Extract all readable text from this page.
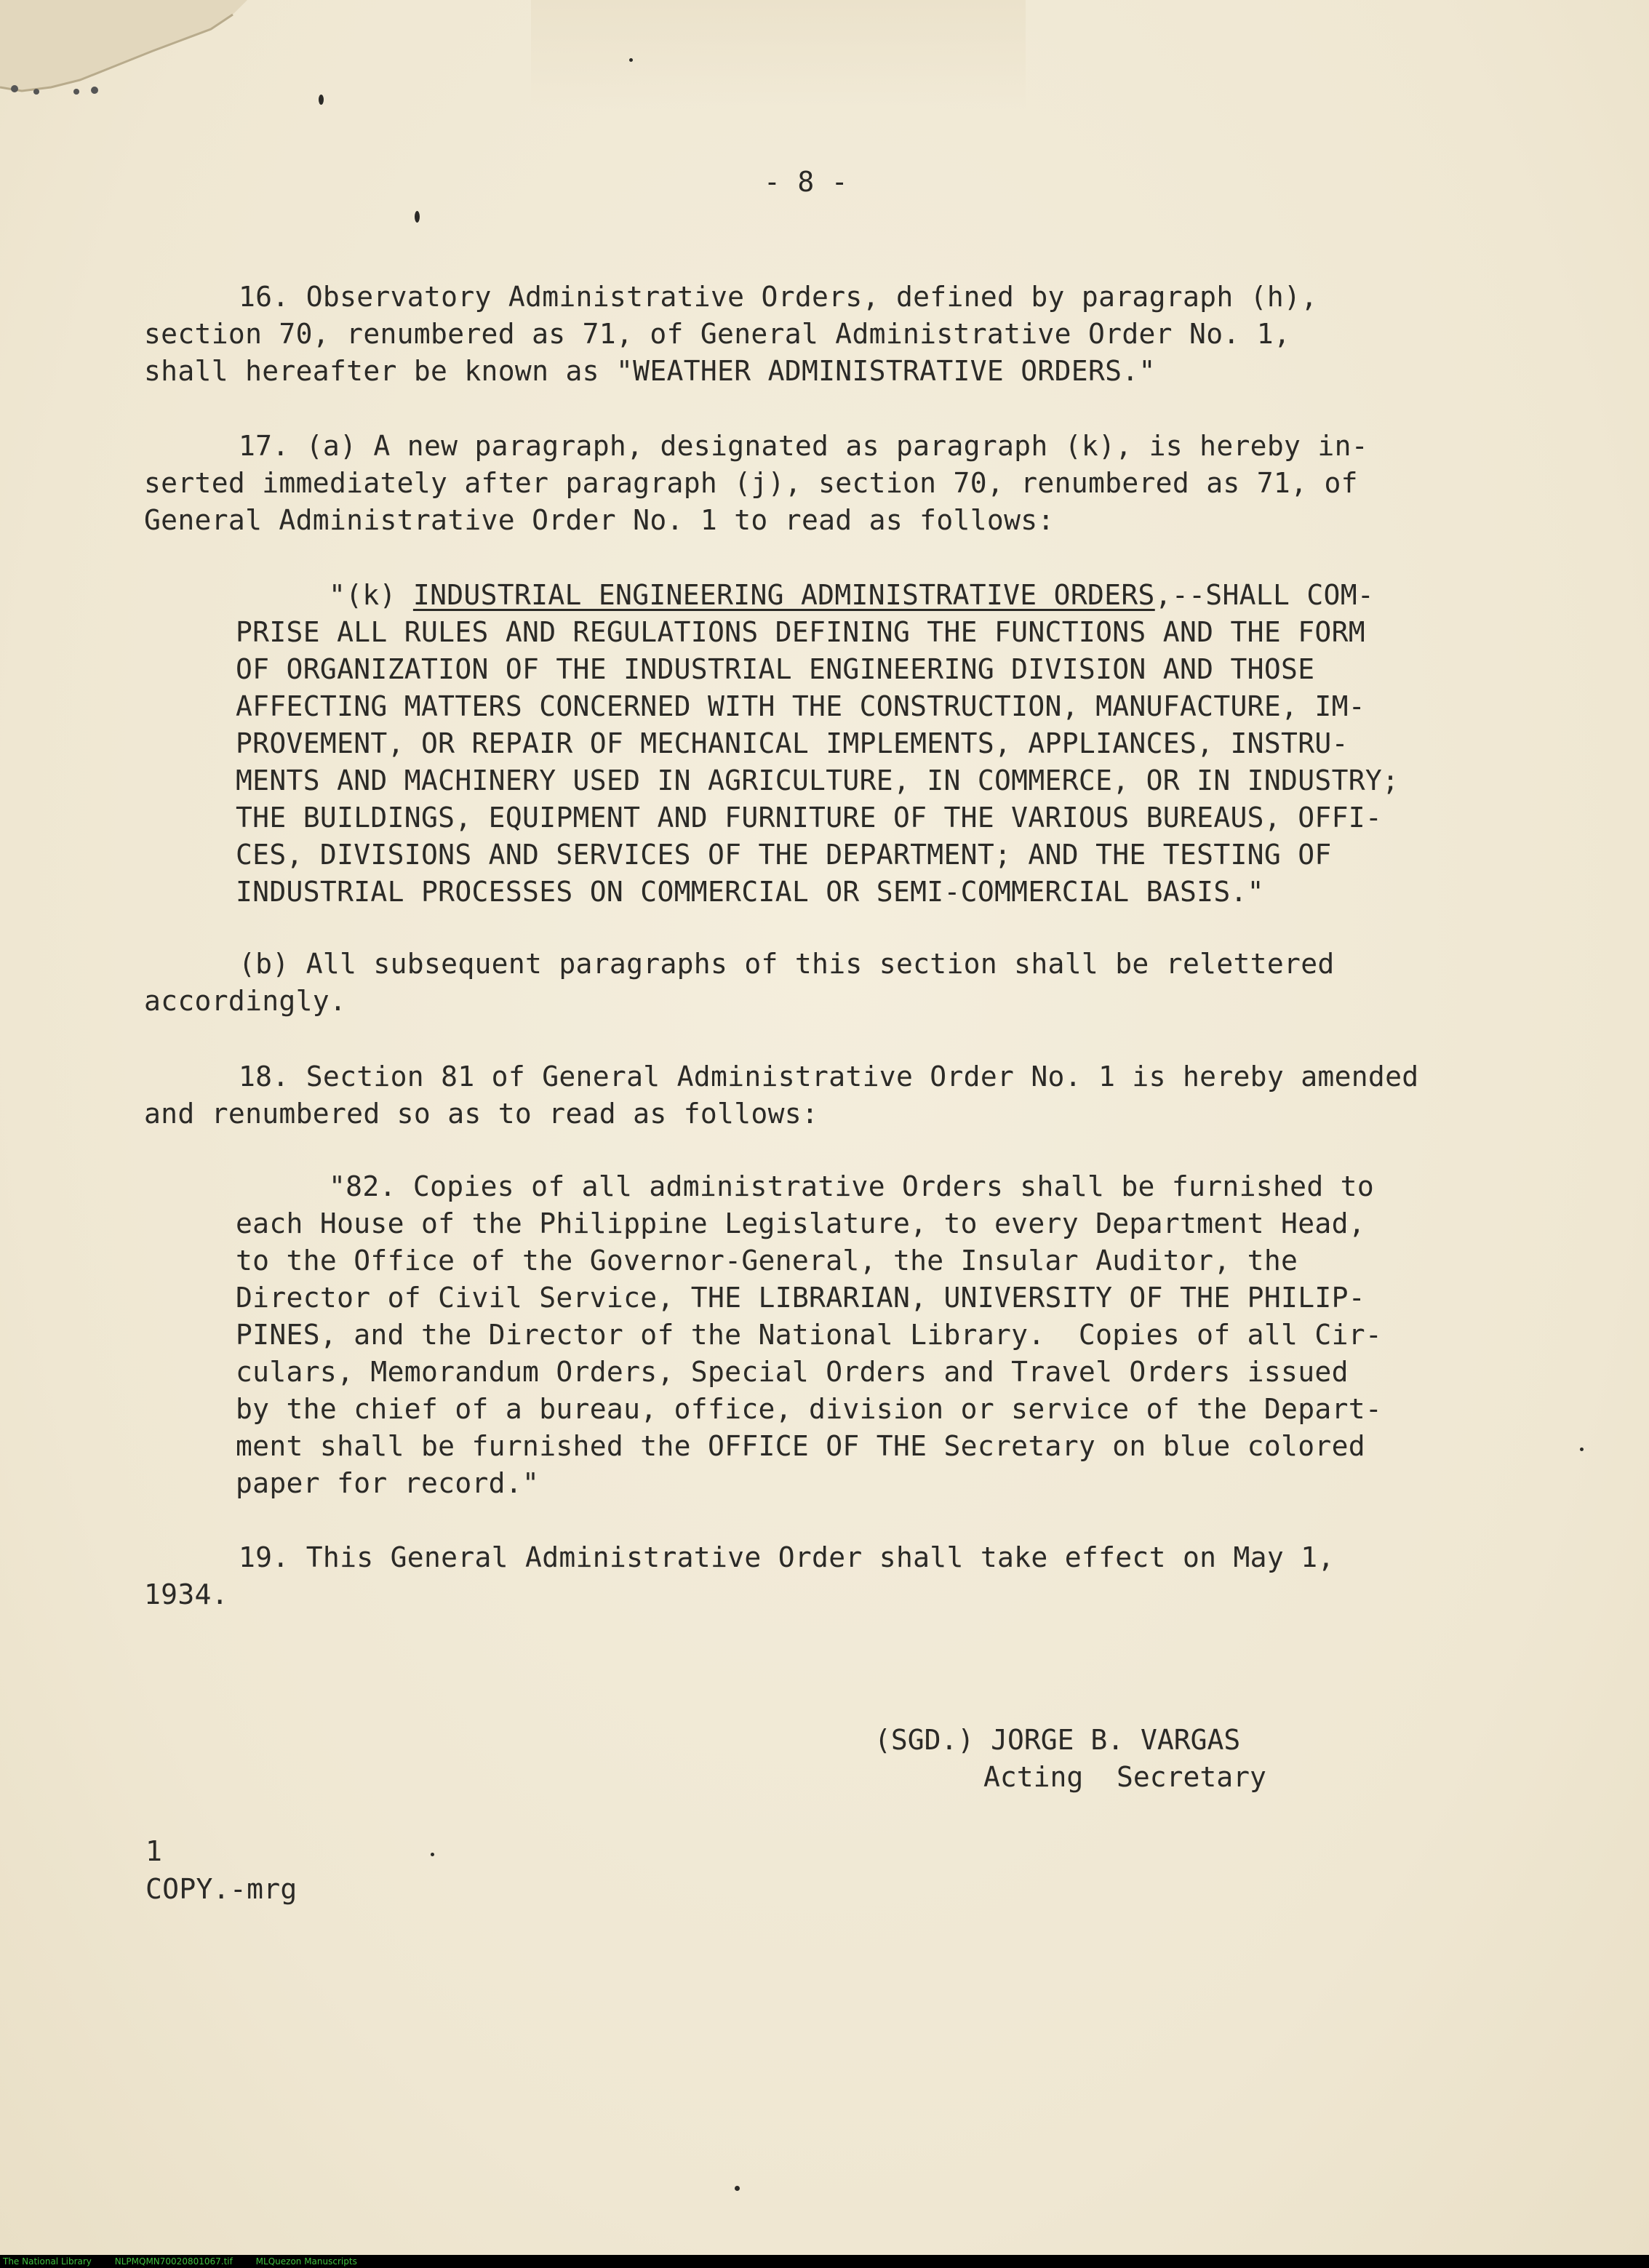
- 8 -
16. Observatory Administrative Orders, defined by paragraph (h),
section 70, renumbered as 71, of General Administrative Order No. 1,
shall hereafter be known as "WEATHER ADMINISTRATIVE ORDERS."
17. (a) A new paragraph, designated as paragraph (k), is hereby in-
serted immediately after paragraph (j), section 70, renumbered as 71, of
General Administrative Order No. 1 to read as follows:
"(k) INDUSTRIAL ENGINEERING ADMINISTRATIVE ORDERS,--SHALL COM-
PRISE ALL RULES AND REGULATIONS DEFINING THE FUNCTIONS AND THE FORM
OF ORGANIZATION OF THE INDUSTRIAL ENGINEERING DIVISION AND THOSE
AFFECTING MATTERS CONCERNED WITH THE CONSTRUCTION, MANUFACTURE, IM-
PROVEMENT, OR REPAIR OF MECHANICAL IMPLEMENTS, APPLIANCES, INSTRU-
MENTS AND MACHINERY USED IN AGRICULTURE, IN COMMERCE, OR IN INDUSTRY;
THE BUILDINGS, EQUIPMENT AND FURNITURE OF THE VARIOUS BUREAUS, OFFI-
CES, DIVISIONS AND SERVICES OF THE DEPARTMENT; AND THE TESTING OF
INDUSTRIAL PROCESSES ON COMMERCIAL OR SEMI-COMMERCIAL BASIS."
(b) All subsequent paragraphs of this section shall be relettered
accordingly.
18. Section 81 of General Administrative Order No. 1 is hereby amended
and renumbered so as to read as follows:
"82. Copies of all administrative Orders shall be furnished to
each House of the Philippine Legislature, to every Department Head,
to the Office of the Governor-General, the Insular Auditor, the
Director of Civil Service, THE LIBRARIAN, UNIVERSITY OF THE PHILIP-
PINES, and the Director of the National Library.  Copies of all Cir-
culars, Memorandum Orders, Special Orders and Travel Orders issued
by the chief of a bureau, office, division or service of the Depart-
ment shall be furnished the OFFICE OF THE Secretary on blue colored
paper for record."
19. This General Administrative Order shall take effect on May 1,
1934.
(SGD.) JORGE B. VARGAS
Acting  Secretary
1
COPY.-mrg
The National Library	NLPMQMN70020801067.tif	MLQuezon Manuscripts
